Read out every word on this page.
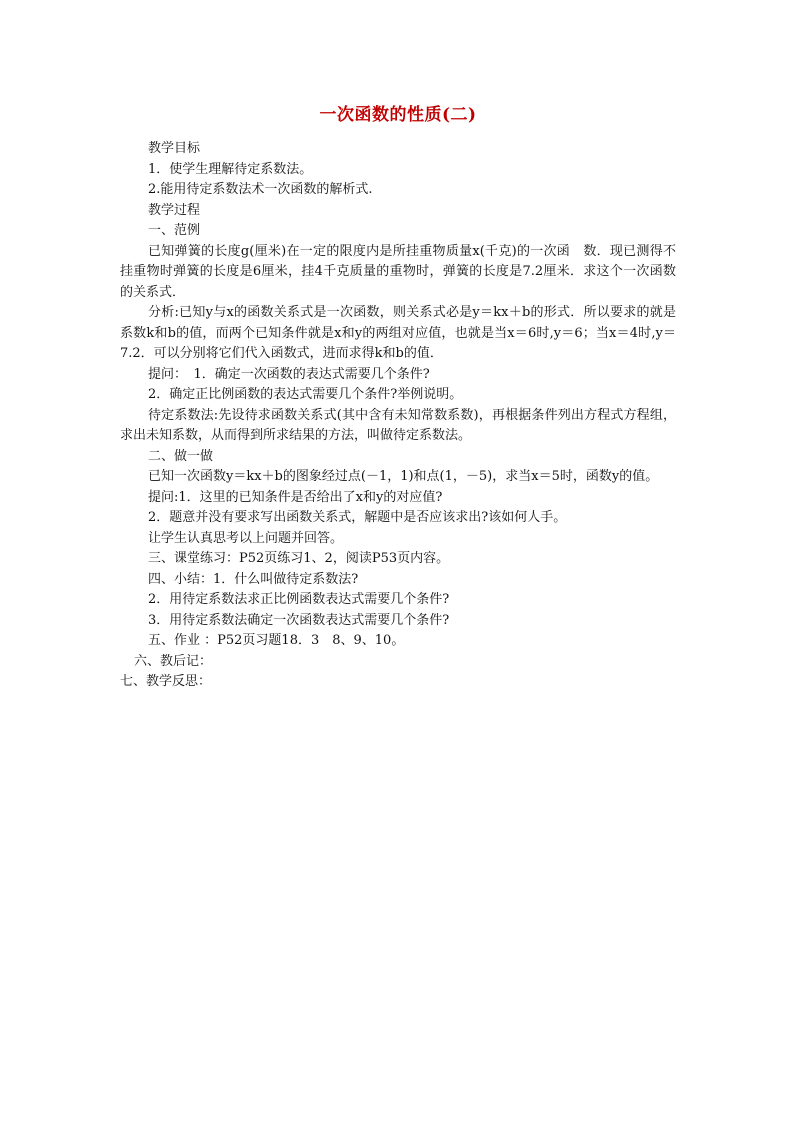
一次函数的性质(二)
教学目标
1．使学生理解待定系数法。
2.能用待定系数法术一次函数的解析式.
教学过程
一、范例

已知弹簧的长度g(厘米)在一定的限度内是所挂重物质量x(千克)的一次函　数．现已测得不挂重物时弹簧的长度是6厘米，挂4千克质量的重物时，弹簧的长度是7.2厘米．求这个一次函数的关系式．

分析:已知y与x的函数关系式是一次函数，则关系式必是y＝kx＋b的形式．所以要求的就是系数k和b的值，而两个已知条件就是x和y的两组对应值，也就是当x＝6时,y＝6；当x＝4时,y＝7.2．可以分别将它们代入函数式，进而求得k和b的值．

提问：　1．确定一次函数的表达式需要几个条件?
2．确定正比例函数的表达式需要几个条件?举例说明。

待定系数法:先设待求函数关系式(其中含有未知常数系数)，再根据条件列出方程式方程组，求出未知系数，从而得到所求结果的方法，叫做待定系数法。

二、做一做

已知一次函数y＝kx＋b的图象经过点(－1，1)和点(1，－5)，求当x＝5时，函数y的值。

提问:1．这里的已知条件是否给出了x和y的对应值?
2．题意并没有要求写出函数关系式，解题中是否应该求出?该如何人手。
让学生认真思考以上问题并回答。
三、课堂练习：P52页练习1、2，阅读P53页内容。
四、小结：1．什么叫做待定系数法?
2．用待定系数法求正比例函数表达式需要几个条件?
3．用待定系数法确定一次函数表达式需要几个条件?
五、作业 ：P52页习题18．3　8、9、10。
六、教后记：
七、教学反思：
